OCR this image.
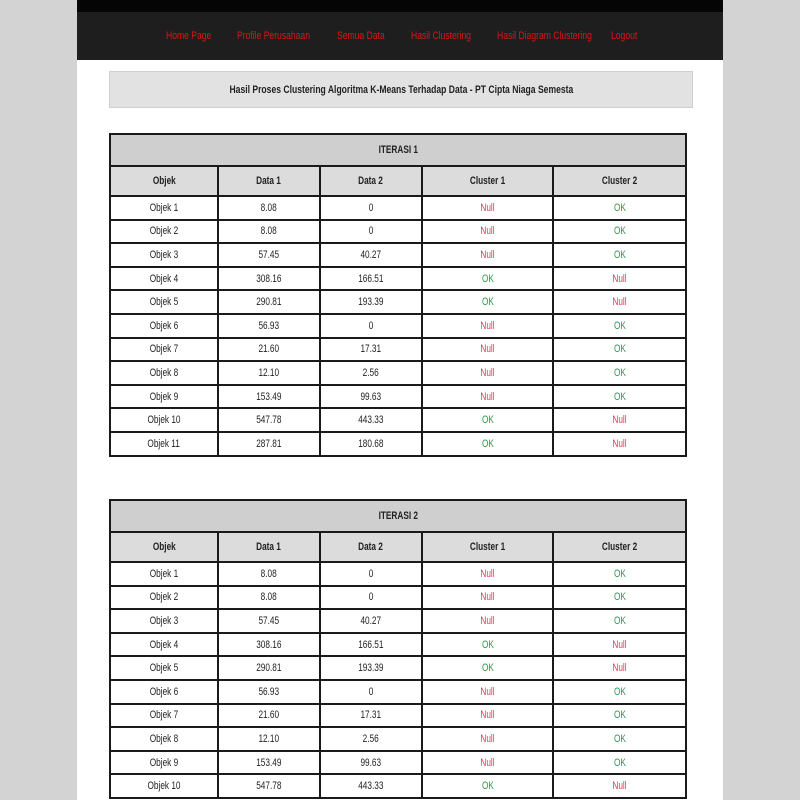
Home Page Profile Perusahaan Semua Data Hasil Clustering Hasil Diagram Clustering Logout
Hasil Proses Clustering Algoritma K-Means Terhadap Data - PT Cipta Niaga Semesta
ITERASI 1				
Objek	Data 1	Data 2	Cluster 1	Cluster 2
Objek 1	8.08	0	Null	OK
Objek 2	8.08	0	Null	OK
Objek 3	57.45	40.27	Null	OK
Objek 4	308.16	166.51	OK	Null
Objek 5	290.81	193.39	OK	Null
Objek 6	56.93	0	Null	OK
Objek 7	21.60	17.31	Null	OK
Objek 8	12.10	2.56	Null	OK
Objek 9	153.49	99.63	Null	OK
Objek 10	547.78	443.33	OK	Null
Objek 11	287.81	180.68	OK	Null
ITERASI 2				
Objek	Data 1	Data 2	Cluster 1	Cluster 2
Objek 1	8.08	0	Null	OK
Objek 2	8.08	0	Null	OK
Objek 3	57.45	40.27	Null	OK
Objek 4	308.16	166.51	OK	Null
Objek 5	290.81	193.39	OK	Null
Objek 6	56.93	0	Null	OK
Objek 7	21.60	17.31	Null	OK
Objek 8	12.10	2.56	Null	OK
Objek 9	153.49	99.63	Null	OK
Objek 10	547.78	443.33	OK	Null
